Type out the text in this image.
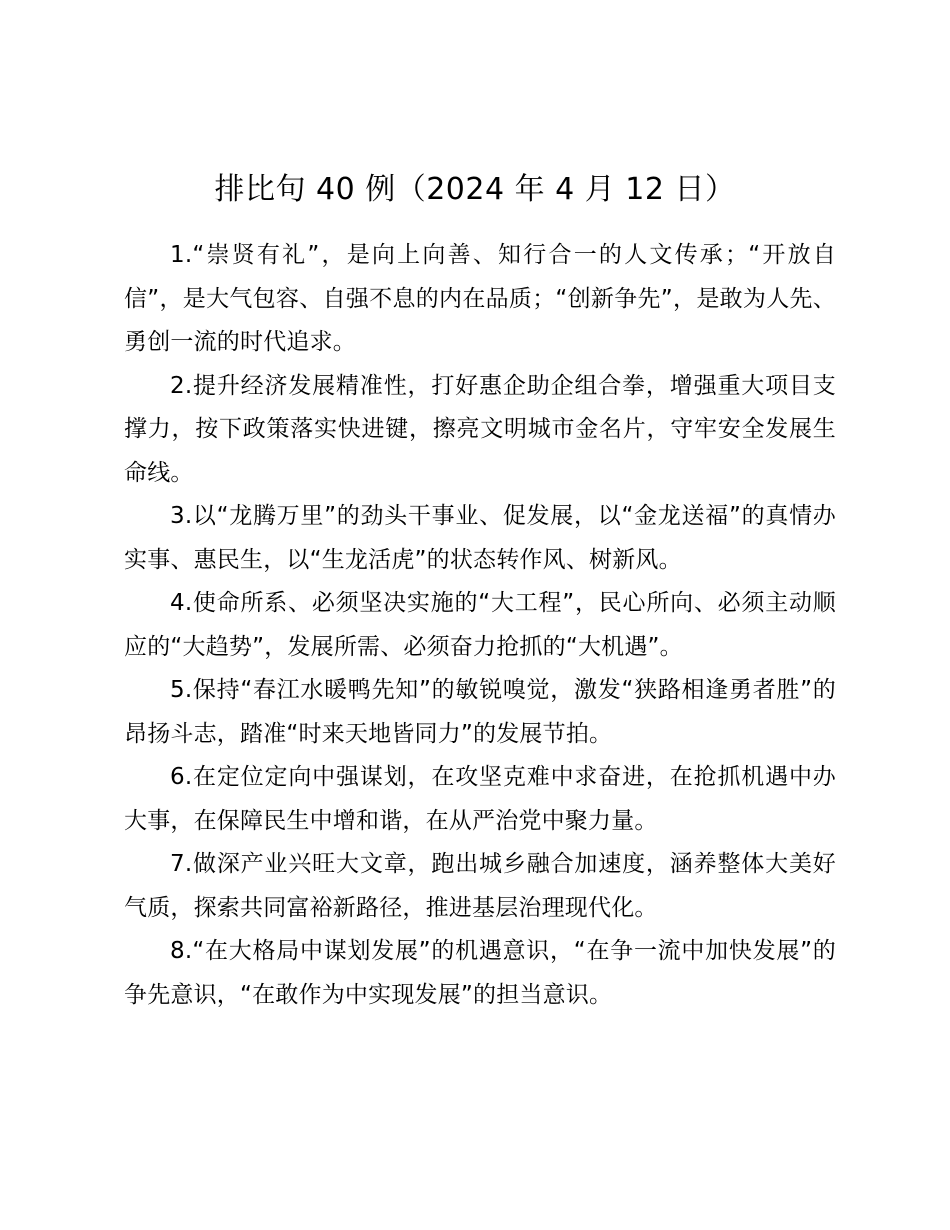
排比句 40 例（2024 年 4 月 12 日）

1.“崇贤有礼”，是向上向善、知行合一的人文传承；“开放自信”，是大气包容、自强不息的内在品质；“创新争先”，是敢为人先、勇创一流的时代追求。

2.提升经济发展精准性，打好惠企助企组合拳，增强重大项目支撑力，按下政策落实快进键，擦亮文明城市金名片，守牢安全发展生命线。

3.以“龙腾万里”的劲头干事业、促发展，以“金龙送福”的真情办实事、惠民生，以“生龙活虎”的状态转作风、树新风。

4.使命所系、必须坚决实施的“大工程”，民心所向、必须主动顺应的“大趋势”，发展所需、必须奋力抢抓的“大机遇”。

5.保持“春江水暖鸭先知”的敏锐嗅觉，激发“狭路相逢勇者胜”的昂扬斗志，踏准“时来天地皆同力”的发展节拍。

6.在定位定向中强谋划，在攻坚克难中求奋进，在抢抓机遇中办大事，在保障民生中增和谐，在从严治党中聚力量。

7.做深产业兴旺大文章，跑出城乡融合加速度，涵养整体大美好气质，探索共同富裕新路径，推进基层治理现代化。

8.“在大格局中谋划发展”的机遇意识，“在争一流中加快发展”的争先意识，“在敢作为中实现发展”的担当意识。
